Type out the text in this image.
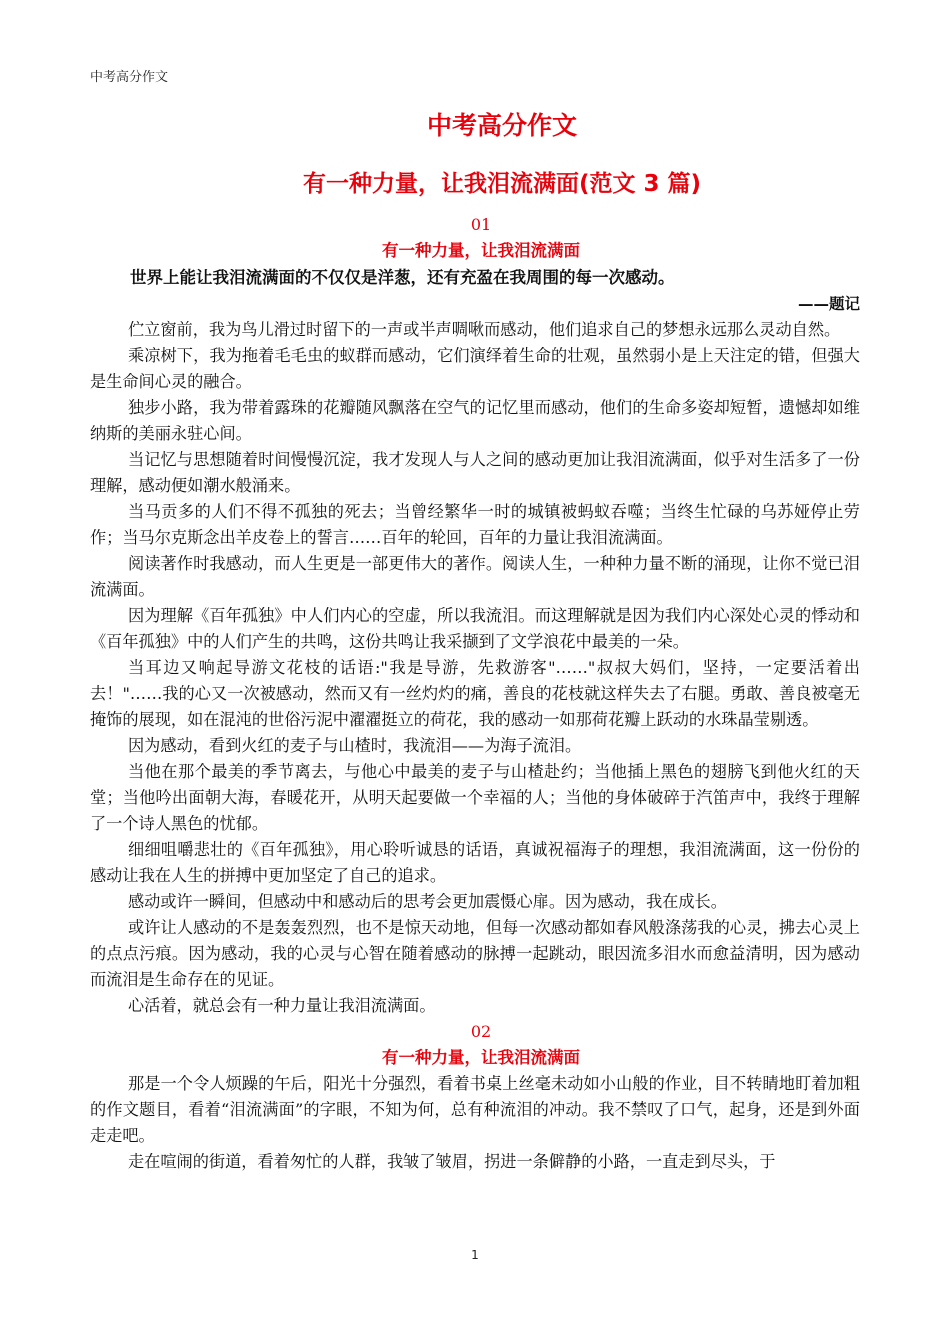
中考高分作文
中考高分作文
有一种力量，让我泪流满面(范文 3 篇)
01
有一种力量，让我泪流满面
世界上能让我泪流满面的不仅仅是洋葱，还有充盈在我周围的每一次感动。
——题记

伫立窗前，我为鸟儿滑过时留下的一声或半声啁啾而感动，他们追求自己的梦想永远那么灵动自然。

乘凉树下，我为拖着毛毛虫的蚁群而感动，它们演绎着生命的壮观，虽然弱小是上天注定的错，但强大是生命间心灵的融合。

独步小路，我为带着露珠的花瓣随风飘落在空气的记忆里而感动，他们的生命多姿却短暂，遗憾却如维纳斯的美丽永驻心间。

当记忆与思想随着时间慢慢沉淀，我才发现人与人之间的感动更加让我泪流满面，似乎对生活多了一份理解，感动便如潮水般涌来。

当马贡多的人们不得不孤独的死去；当曾经繁华一时的城镇被蚂蚁吞噬；当终生忙碌的乌苏娅停止劳作；当马尔克斯念出羊皮卷上的誓言……百年的轮回，百年的力量让我泪流满面。

阅读著作时我感动，而人生更是一部更伟大的著作。阅读人生，一种种力量不断的涌现，让你不觉已泪流满面。

因为理解《百年孤独》中人们内心的空虚，所以我流泪。而这理解就是因为我们内心深处心灵的悸动和《百年孤独》中的人们产生的共鸣，这份共鸣让我采撷到了文学浪花中最美的一朵。

当耳边又响起导游文花枝的话语:"我是导游，先救游客"……"叔叔大妈们，坚持，一定要活着出去！"……我的心又一次被感动，然而又有一丝灼灼的痛，善良的花枝就这样失去了右腿。勇敢、善良被毫无掩饰的展现，如在混沌的世俗污泥中濯濯挺立的荷花，我的感动一如那荷花瓣上跃动的水珠晶莹剔透。

因为感动，看到火红的麦子与山楂时，我流泪——为海子流泪。

当他在那个最美的季节离去，与他心中最美的麦子与山楂赴约；当他插上黑色的翅膀飞到他火红的天堂；当他吟出面朝大海，春暖花开，从明天起要做一个幸福的人；当他的身体破碎于汽笛声中，我终于理解了一个诗人黑色的忧郁。

细细咀嚼悲壮的《百年孤独》，用心聆听诚恳的话语，真诚祝福海子的理想，我泪流满面，这一份份的感动让我在人生的拼搏中更加坚定了自己的追求。

感动或许一瞬间，但感动中和感动后的思考会更加震慑心扉。因为感动，我在成长。

或许让人感动的不是轰轰烈烈，也不是惊天动地，但每一次感动都如春风般涤荡我的心灵，拂去心灵上的点点污痕。因为感动，我的心灵与心智在随着感动的脉搏一起跳动，眼因流多泪水而愈益清明，因为感动而流泪是生命存在的见证。

心活着，就总会有一种力量让我泪流满面。

02
有一种力量，让我泪流满面

那是一个令人烦躁的午后，阳光十分强烈，看着书桌上丝毫未动如小山般的作业，目不转睛地盯着加粗的作文题目，看着“泪流满面”的字眼，不知为何，总有种流泪的冲动。我不禁叹了口气，起身，还是到外面走走吧。

走在喧闹的街道，看着匆忙的人群，我皱了皱眉，拐进一条僻静的小路，一直走到尽头，于

1
